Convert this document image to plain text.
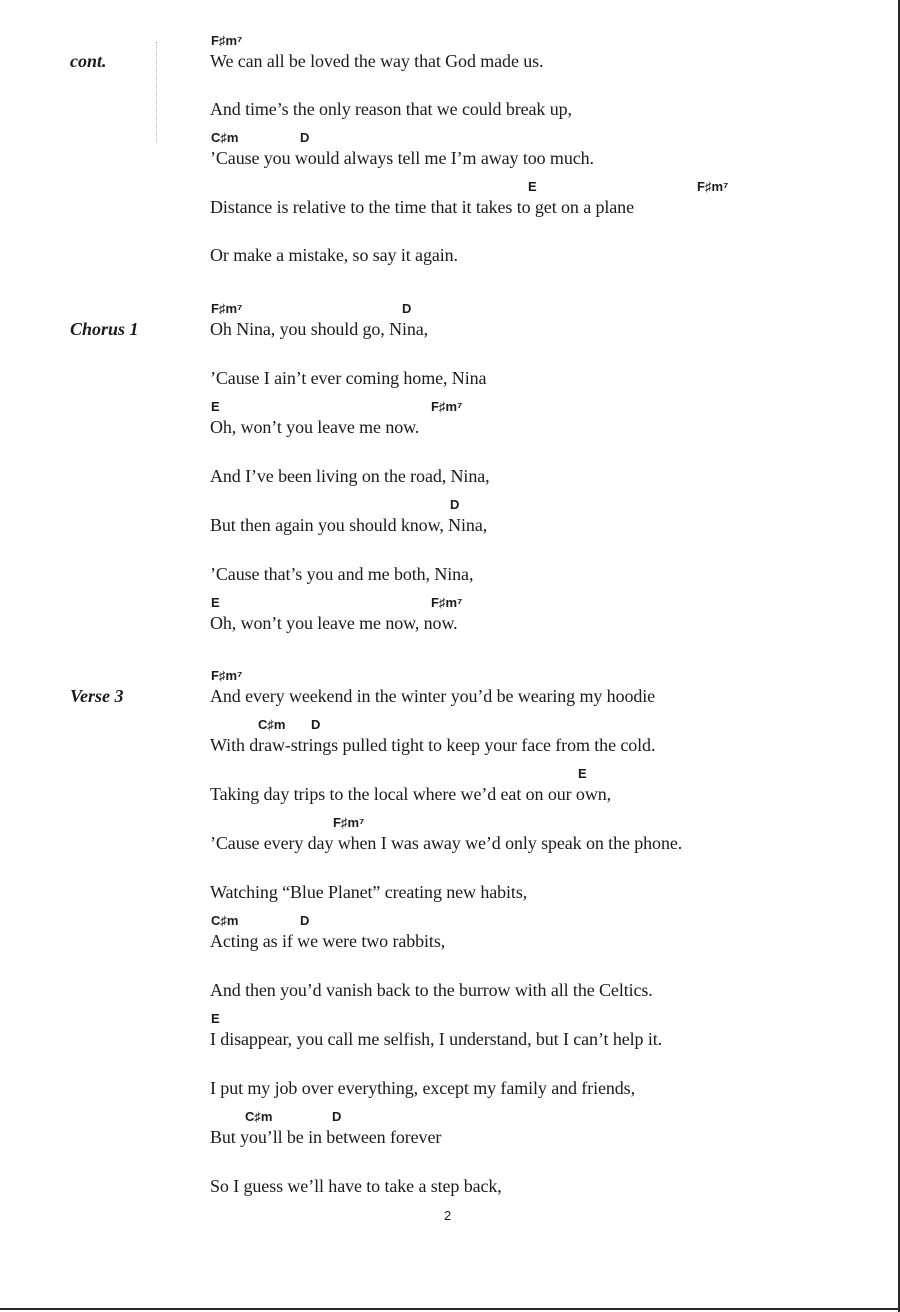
cont.
Chorus 1
Verse 3
F♯m⁷
We can all be loved the way that God made us.
And time’s the only reason that we could break up,
C♯m	D
’Cause you would always tell me I’m away too much.
E	F♯m⁷
Distance is relative to the time that it takes to get on a plane
Or make a mistake, so say it again.
F♯m⁷	D
Oh Nina, you should go, Nina,
’Cause I ain’t ever coming home, Nina
E	F♯m⁷
Oh, won’t you leave me now.
And I’ve been living on the road, Nina,
D
But then again you should know, Nina,
’Cause that’s you and me both, Nina,
E	F♯m⁷
Oh, won’t you leave me now, now.
F♯m⁷
And every weekend in the winter you’d be wearing my hoodie
C♯m D
With draw-strings pulled tight to keep your face from the cold.
E
Taking day trips to the local where we’d eat on our own,
F♯m⁷
’Cause every day when I was away we’d only speak on the phone.
Watching “Blue Planet” creating new habits,
C♯m	D
Acting as if we were two rabbits,
And then you’d vanish back to the burrow with all the Celtics.
E
I disappear, you call me selfish, I understand, but I can’t help it.
I put my job over everything, except my family and friends,
C♯m	D
But you’ll be in between forever
So I guess we’ll have to take a step back,
2
